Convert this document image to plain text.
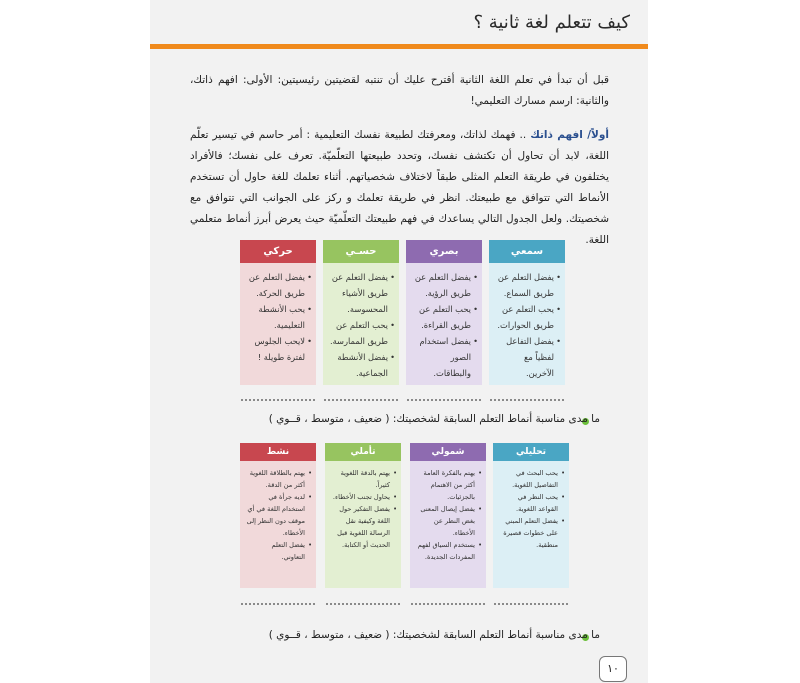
كيف تتعلم لغة ثانية ؟
قبل أن تبدأ في تعلم اللغة الثانية أقترح عليك أن تنتبه لقضيتين رئيسيتين: الأولى: افهم ذاتك، والثانية: ارسم مسارك التعليمي!
أولاً/ افهم ذاتك .. فهمك لذاتك، ومعرفتك لطبيعة نفسك التعليمية : أمر حاسم في تيسير تعلّم اللغة، لابد أن تحاول أن تكتشف نفسك، وتحدد طبيعتها التعلّميّة. تعرف على نفسك؛ فالأفراد يختلفون في طريقة التعلم المثلى طبقاً لاختلاف شخصياتهم. أثناء تعلمك للغة حاول أن تستخدم الأنماط التي تتوافق مع طبيعتك. انظر في طريقة تعلمك و ركز على الجوانب التي تتوافق مع شخصيتك. ولعل الجدول التالي يساعدك في فهم طبيعتك التعلّميّة حيث يعرض أبرز أنماط متعلمي اللغة.
سمعي
• يفضل التعلم عن طريق السماع.
• يحب التعلم عن طريق الحوارات.
• يفضل التفاعل لفظياً مع الآخرين.
بصري
• يفضل التعلم عن طريق الرؤية.
• يحب التعلم عن طريق القراءة.
• يفضل استخدام الصور والبطاقات.
حسـي
• يفضل التعلم عن طريق الأشياء المحسوسة.
• يحب التعلم عن طريق الممارسة.
• يفضل الأنشطة الجماعية.
حركي
• يفضل التعلم عن طريق الحركة.
• يحب الأنشطة التعليمية.
• لايحب الجلوس لفترة طويلة !
ما مدى مناسبة أنماط التعلم السابقة لشخصيتك: ( ضعيف ، متوسط ، قــوي )
تحليلي
• يحب البحث في التفاصيل اللغوية.
• يحب النظر في القواعد اللغوية.
• يفضل التعلم المبني على خطوات قصيرة منطقية.
شمولي
• يهتم بالفكرة العامة أكثر من الاهتمام بالجزئيات.
• يفضل إيصال المعنى بغض النظر عن الأخطاء.
• يستخدم السياق لفهم المفردات الجديدة.
تأملي
• يهتم بالدقة اللغوية كثيراً.
• يحاول تجنب الأخطاء.
• يفضل التفكير حول اللغة وكيفية نقل الرسالة اللغوية قبل الحديث أو الكتابة.
نشط
• يهتم بالطلاقة اللغوية أكثر من الدقة.
• لديه جرأة في استخدام اللغة في أي موقف دون النظر إلى الأخطاء.
• يفضل التعلم التعاوني.
ما مدى مناسبة أنماط التعلم السابقة لشخصيتك: ( ضعيف ، متوسط ، قــوي )
١٠
